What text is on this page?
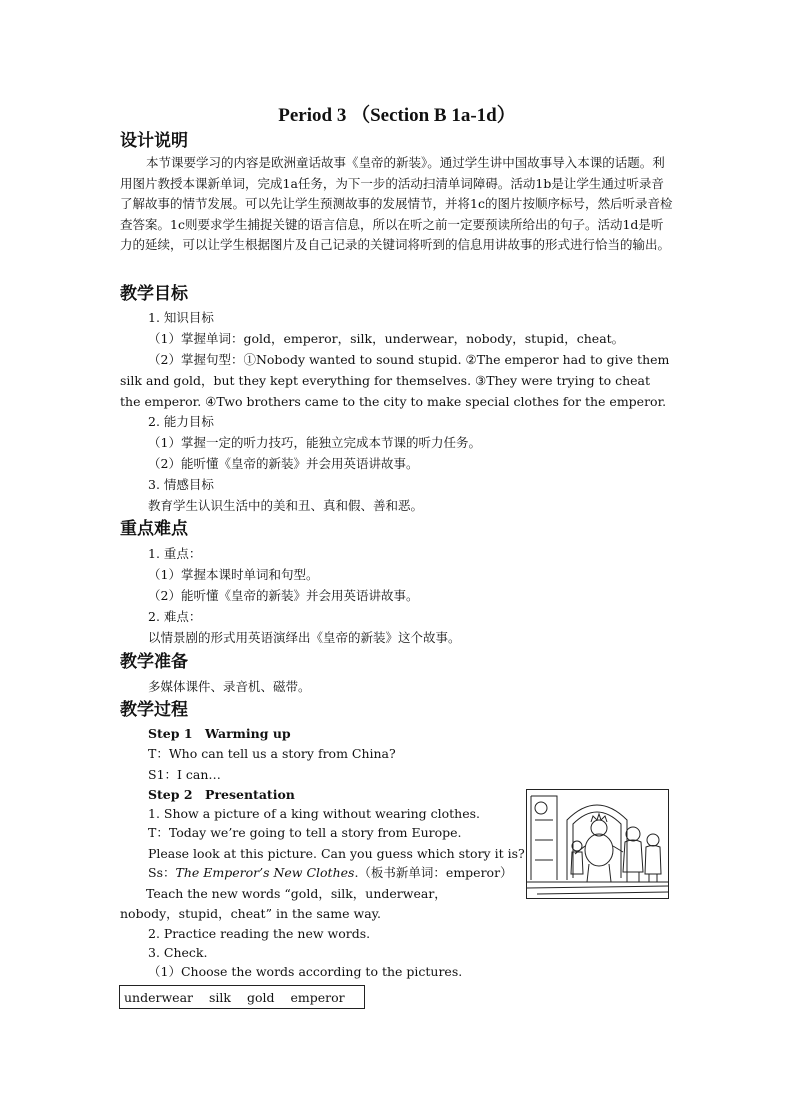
Period 3 （Section B 1a-1d）
设计说明
本节课要学习的内容是欧洲童话故事《皇帝的新装》。通过学生讲中国故事导入本课的话题。利用图片教授本课新单词，完成1a任务，为下一步的活动扫清单词障碍。活动1b是让学生通过听录音了解故事的情节发展。可以先让学生预测故事的发展情节，并将1c的图片按顺序标号，然后听录音检查答案。1c则要求学生捕捉关键的语言信息，所以在听之前一定要预读所给出的句子。活动1d是听力的延续，可以让学生根据图片及自己记录的关键词将听到的信息用讲故事的形式进行恰当的输出。
教学目标
1. 知识目标
（1）掌握单词：gold，emperor，silk，underwear，nobody，stupid，cheat。
（2）掌握句型：①Nobody wanted to sound stupid. ②The emperor had to give them silk and gold，but they kept everything for themselves. ③They were trying to cheat the emperor. ④Two brothers came to the city to make special clothes for the emperor.
2. 能力目标
（1）掌握一定的听力技巧，能独立完成本节课的听力任务。
（2）能听懂《皇帝的新装》并会用英语讲故事。
3. 情感目标
教育学生认识生活中的美和丑、真和假、善和恶。
重点难点
1. 重点：
（1）掌握本课时单词和句型。
（2）能听懂《皇帝的新装》并会用英语讲故事。
2. 难点：
以情景剧的形式用英语演绎出《皇帝的新装》这个故事。
教学准备
多媒体课件、录音机、磁带。
教学过程
Step 1　Warming up
T：Who can tell us a story from China?
S1：I can…
Step 2　Presentation
1. Show a picture of a king without wearing clothes.
T：Today we’re going to tell a story from Europe.
Please look at this picture. Can you guess which story it is?
Ss：The Emperor’s New Clothes.（板书新单词：emperor）
Teach the new words “gold，silk，underwear，nobody，stupid，cheat” in the same way.
2. Practice reading the new words.
3. Check.
（1）Choose the words according to the pictures.
underwear silk gold emperor
